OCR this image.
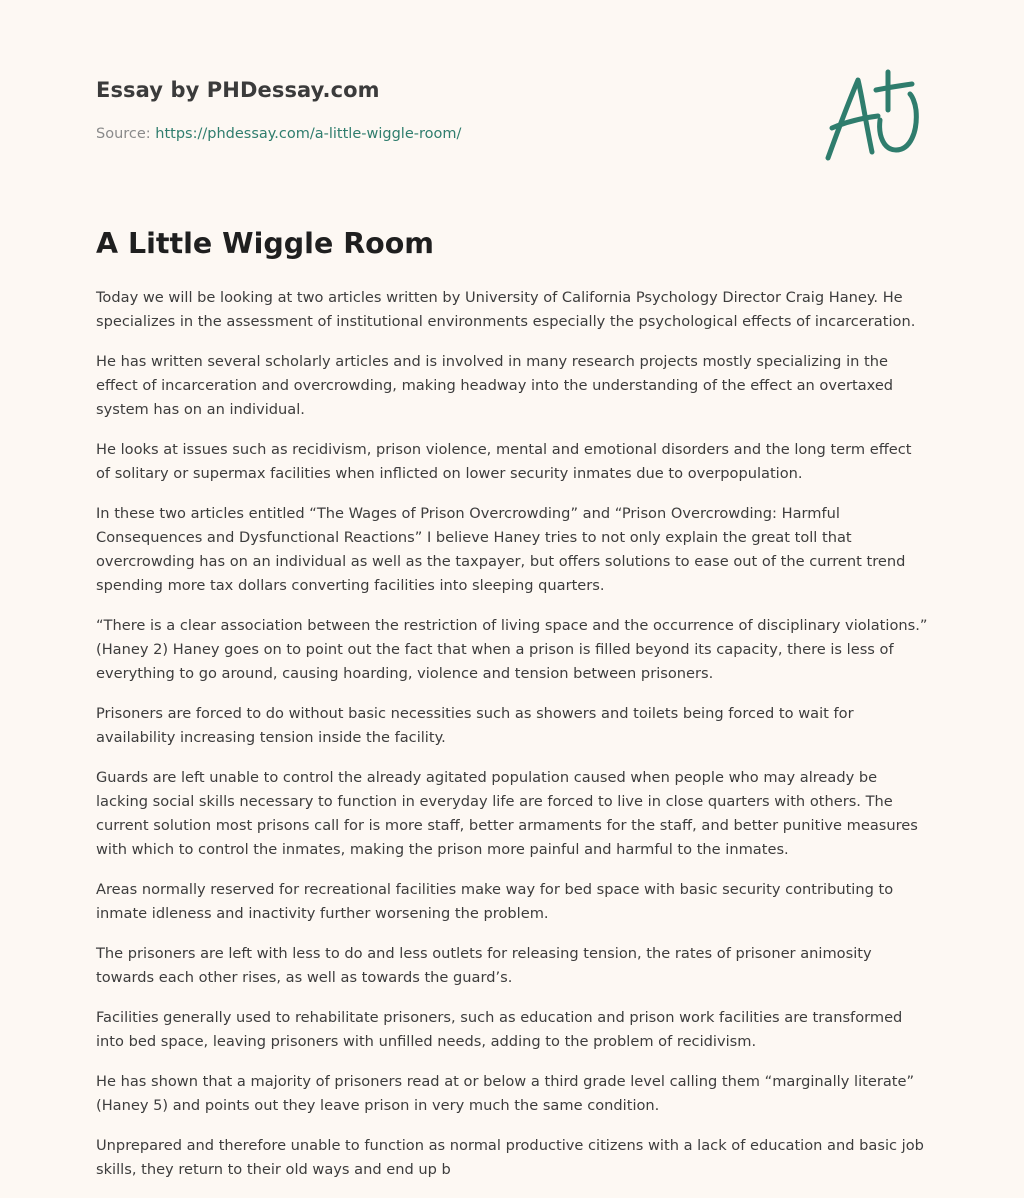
Essay by PHDessay.com
Source: https://phdessay.com/a-little-wiggle-room/
A Little Wiggle Room

Today we will be looking at two articles written by University of California Psychology Director Craig Haney. He specializes in the assessment of institutional environments especially the psychological effects of incarceration.

He has written several scholarly articles and is involved in many research projects mostly specializing in the effect of incarceration and overcrowding, making headway into the understanding of the effect an overtaxed system has on an individual.

He looks at issues such as recidivism, prison violence, mental and emotional disorders and the long term effect of solitary or supermax facilities when inflicted on lower security inmates due to overpopulation.

In these two articles entitled “The Wages of Prison Overcrowding” and “Prison Overcrowding: Harmful Consequences and Dysfunctional Reactions” I believe Haney tries to not only explain the great toll that overcrowding has on an individual as well as the taxpayer, but offers solutions to ease out of the current trend spending more tax dollars converting facilities into sleeping quarters.

“There is a clear association between the restriction of living space and the occurrence of disciplinary violations.” (Haney 2) Haney goes on to point out the fact that when a prison is filled beyond its capacity, there is less of everything to go around, causing hoarding, violence and tension between prisoners.

Prisoners are forced to do without basic necessities such as showers and toilets being forced to wait for availability increasing tension inside the facility.

Guards are left unable to control the already agitated population caused when people who may already be lacking social skills necessary to function in everyday life are forced to live in close quarters with others. The current solution most prisons call for is more staff, better armaments for the staff, and better punitive measures with which to control the inmates, making the prison more painful and harmful to the inmates.

Areas normally reserved for recreational facilities make way for bed space with basic security contributing to inmate idleness and inactivity further worsening the problem.

The prisoners are left with less to do and less outlets for releasing tension, the rates of prisoner animosity towards each other rises, as well as towards the guard’s.

Facilities generally used to rehabilitate prisoners, such as education and prison work facilities are transformed into bed space, leaving prisoners with unfilled needs, adding to the problem of recidivism.

He has shown that a majority of prisoners read at or below a third grade level calling them “marginally literate” (Haney 5) and points out they leave prison in very much the same condition.

Unprepared and therefore unable to function as normal productive citizens with a lack of education and basic job skills, they return to their old ways and end up b
